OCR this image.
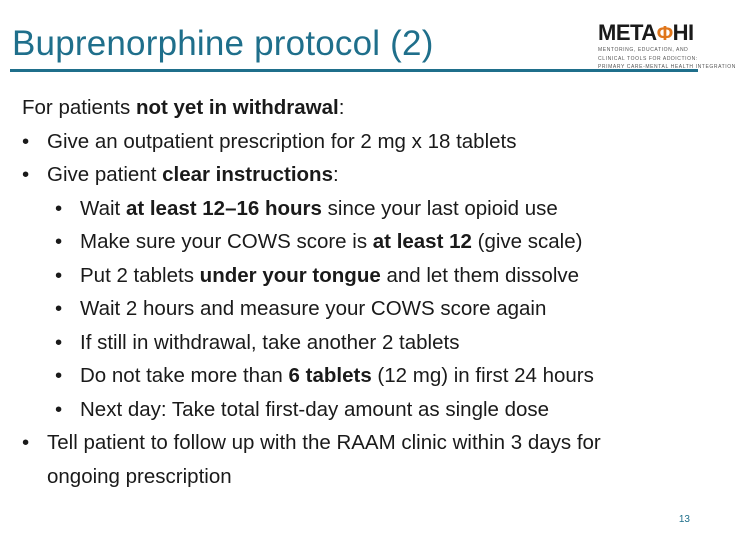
Buprenorphine protocol (2)	METAΦHI
MENTORING, EDUCATION, AND
CLINICAL TOOLS FOR ADDICTION:
PRIMARY CARE-MENTAL HEALTH INTEGRATION
For patients not yet in withdrawal:
• Give an outpatient prescription for 2 mg x 18 tablets
• Give patient clear instructions:
• Wait at least 12–16 hours since your last opioid use
• Make sure your COWS score is at least 12 (give scale)
• Put 2 tablets under your tongue and let them dissolve
• Wait 2 hours and measure your COWS score again
• If still in withdrawal, take another 2 tablets
• Do not take more than 6 tablets (12 mg) in first 24 hours
• Next day: Take total first-day amount as single dose
• Tell patient to follow up with the RAAM clinic within 3 days for
ongoing prescription
13
